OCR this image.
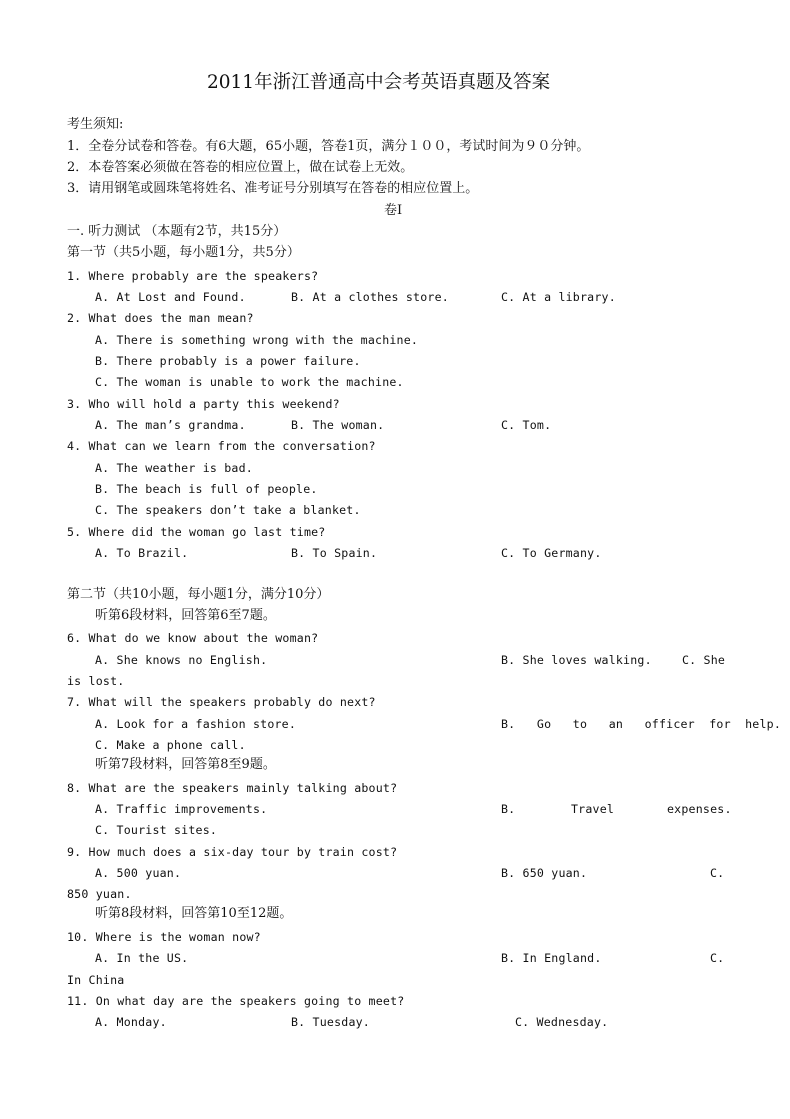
2011年浙江普通高中会考英语真题及答案
考生须知:
1．全卷分试卷和答卷。有6大题，65小题，答卷1页，满分１００，考试时间为９０分钟。
2．本卷答案必须做在答卷的相应位置上，做在试卷上无效。
3．请用钢笔或圆珠笔将姓名、准考证号分别填写在答卷的相应位置上。
卷Ⅰ
一. 听力测试 （本题有2节，共15分）
第一节（共5小题，每小题1分，共5分）
1. Where probably are the speakers?
A. At Lost and Found.	B. At a clothes store.	C. At a library.
2. What does the man mean?
A. There is something wrong with the machine.
B. There probably is a power failure.
C. The woman is unable to work the machine.
3. Who will hold a party this weekend?
A. The man’s grandma.	B. The woman.	C. Tom.
4. What can we learn from the conversation?
A. The weather is bad.
B. The beach is full of people.
C. The speakers don’t take a blanket.
5. Where did the woman go last time?
A. To Brazil.	B. To Spain.	C. To Germany.
第二节（共10小题，每小题1分，满分10分）
听第6段材料，回答第6至7题。
6. What do we know about the woman?
A. She knows no English.	B. She loves walking.	C. She
is lost.
7. What will the speakers probably do next?
A. Look for a fashion store.	B.   Go   to   an   officer  for  help.
C. Make a phone call.
听第7段材料，回答第8至9题。
8. What are the speakers mainly talking about?
A. Traffic improvements.	B.	Travel	expenses.
C. Tourist sites.
9. How much does a six-day tour by train cost?
A. 500 yuan.	B. 650 yuan.	C.
850 yuan.
听第8段材料，回答第10至12题。
10. Where is the woman now?
A. In the US.	B. In England.	C.
In China
11. On what day are the speakers going to meet?
A. Monday.	B. Tuesday.	C. Wednesday.
